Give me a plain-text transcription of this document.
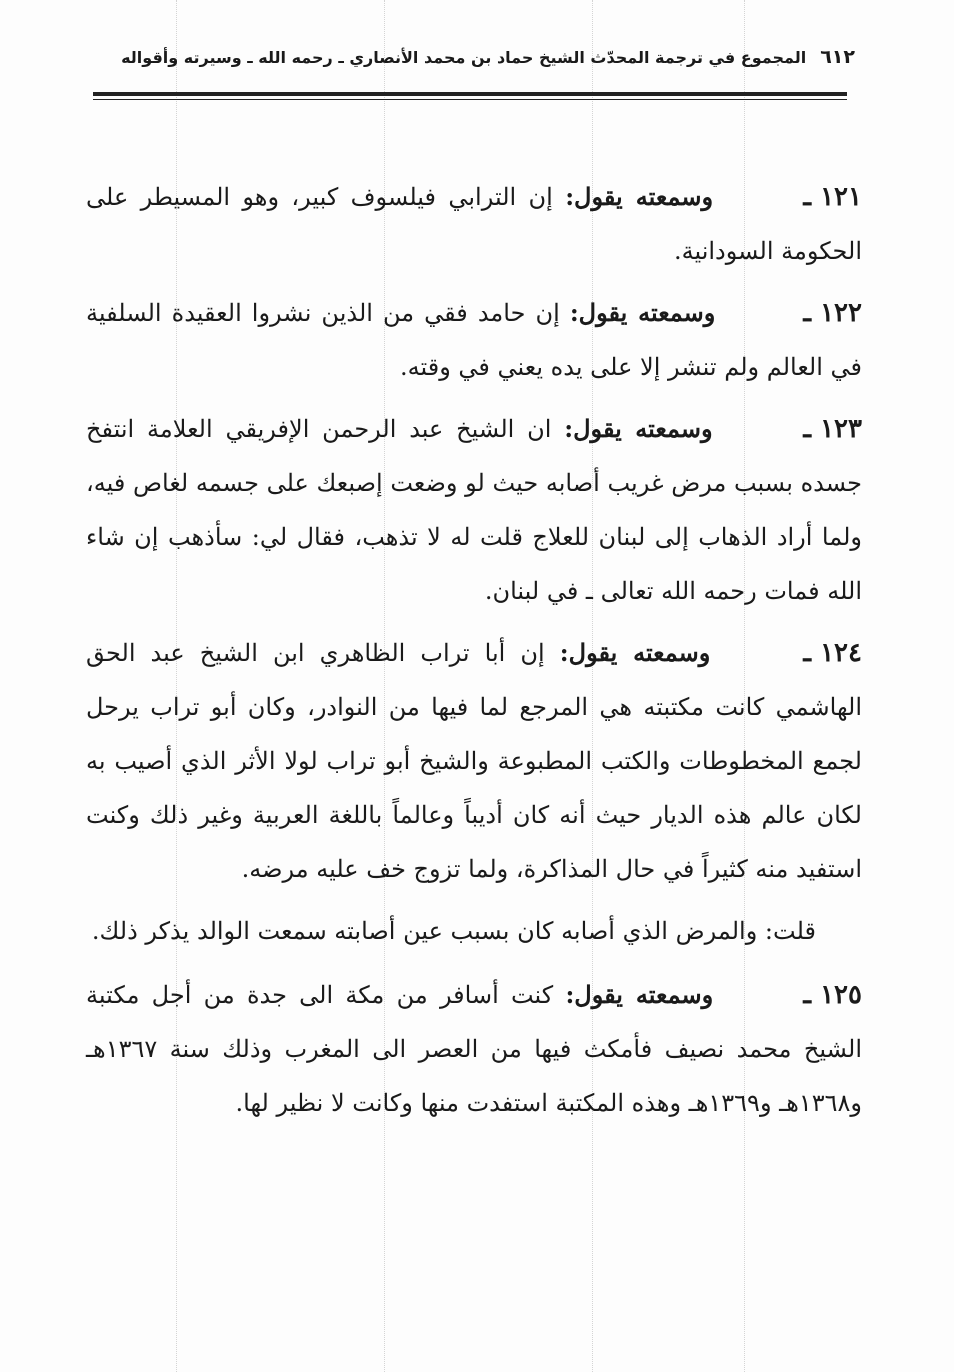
٦١٢
المجموع في ترجمة المحدّث الشيخ حماد بن محمد الأنصاري ـ رحمه الله ـ وسيرته وأقواله

١٢١ ـ وسمعته يقول: إن الترابي فيلسوف كبير، وهو المسيطر على الحكومة السودانية.

١٢٢ ـ وسمعته يقول: إن حامد فقي من الذين نشروا العقيدة السلفية في العالم ولم تنشر إلا على يده يعني في وقته.

١٢٣ ـ وسمعته يقول: ان الشيخ عبد الرحمن الإفريقي العلامة انتفخ جسده بسبب مرض غريب أصابه حيث لو وضعت إصبعك على جسمه لغاص فيه، ولما أراد الذهاب إلى لبنان للعلاج قلت له لا تذهب، فقال لي: سأذهب إن شاء الله فمات رحمه الله تعالى ـ في لبنان.

١٢٤ ـ وسمعته يقول: إن أبا تراب الظاهري ابن الشيخ عبد الحق الهاشمي كانت مكتبته هي المرجع لما فيها من النوادر، وكان أبو تراب يرحل لجمع المخطوطات والكتب المطبوعة والشيخ أبو تراب لولا الأثر الذي أصيب به لكان عالم هذه الديار حيث أنه كان أديباً وعالماً باللغة العربية وغير ذلك وكنت استفيد منه كثيراً في حال المذاكرة، ولما تزوج خف عليه مرضه.

قلت: والمرض الذي أصابه كان بسبب عين أصابته سمعت الوالد يذكر ذلك.

١٢٥ ـ وسمعته يقول: كنت أسافر من مكة الى جدة من أجل مكتبة الشيخ محمد نصيف فأمكث فيها من العصر الى المغرب وذلك سنة ١٣٦٧هـ و١٣٦٨هـ و١٣٦٩هـ وهذه المكتبة استفدت منها وكانت لا نظير لها.
